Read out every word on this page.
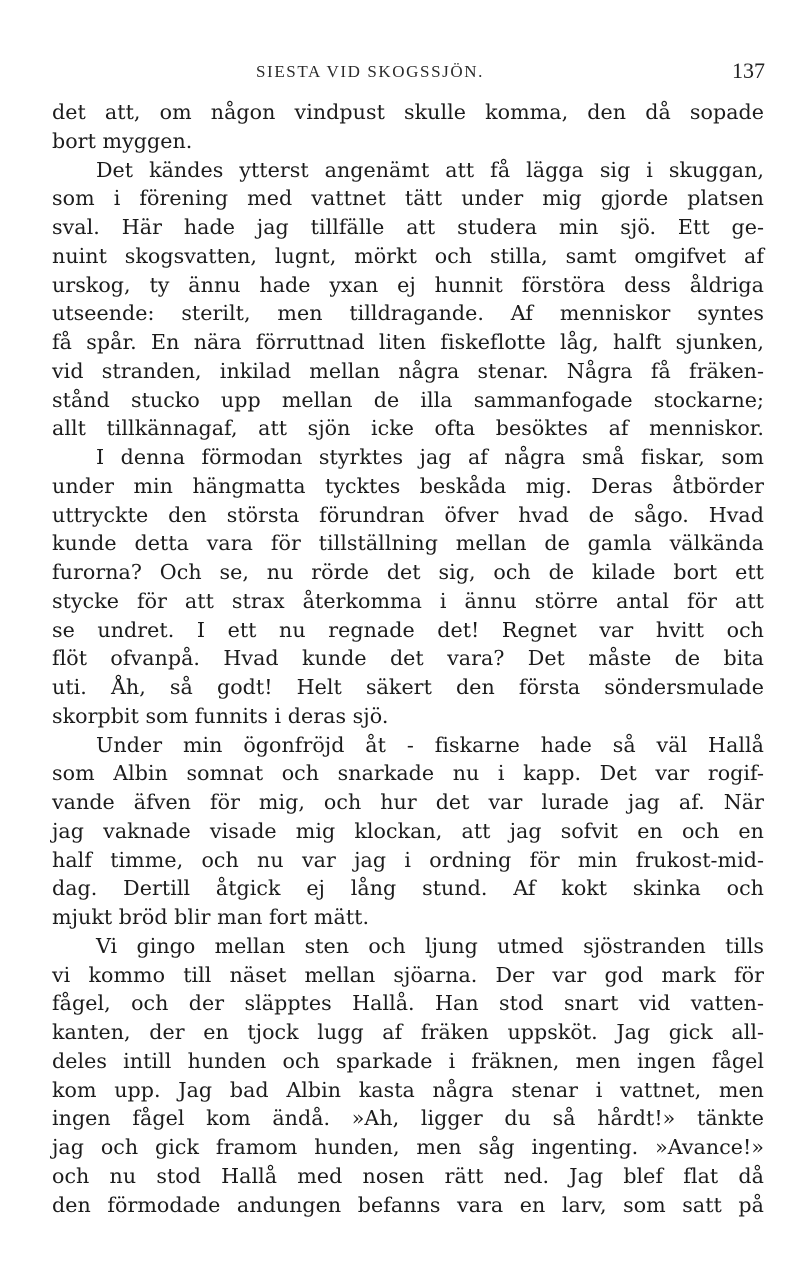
SIESTA VID SKOGSSJÖN.	137
det att, om någon vindpust skulle komma, den då sopade
bort myggen.
Det kändes ytterst angenämt att få lägga sig i skuggan,
som i förening med vattnet tätt under mig gjorde platsen
sval. Här hade jag tillfälle att studera min sjö. Ett ge-
nuint skogsvatten, lugnt, mörkt och stilla, samt omgifvet af
urskog, ty ännu hade yxan ej hunnit förstöra dess åldriga
utseende: sterilt, men tilldragande. Af menniskor syntes
få spår. En nära förruttnad liten fiskeflotte låg, halft sjunken,
vid stranden, inkilad mellan några stenar. Några få fräken-
stånd stucko upp mellan de illa sammanfogade stockarne;
allt tillkännagaf, att sjön icke ofta besöktes af menniskor.
I denna förmodan styrktes jag af några små fiskar, som
under min hängmatta tycktes beskåda mig. Deras åtbörder
uttryckte den största förundran öfver hvad de sågo. Hvad
kunde detta vara för tillställning mellan de gamla välkända
furorna? Och se, nu rörde det sig, och de kilade bort ett
stycke för att strax återkomma i ännu större antal för att
se undret. I ett nu regnade det! Regnet var hvitt och
flöt ofvanpå. Hvad kunde det vara? Det måste de bita
uti. Åh, så godt! Helt säkert den första söndersmulade
skorpbit som funnits i deras sjö.
Under min ögonfröjd åt - fiskarne hade så väl Hallå
som Albin somnat och snarkade nu i kapp. Det var rogif-
vande äfven för mig, och hur det var lurade jag af. När
jag vaknade visade mig klockan, att jag sofvit en och en
half timme, och nu var jag i ordning för min frukost-mid-
dag. Dertill åtgick ej lång stund. Af kokt skinka och
mjukt bröd blir man fort mätt.
Vi gingo mellan sten och ljung utmed sjöstranden tills
vi kommo till näset mellan sjöarna. Der var god mark för
fågel, och der släpptes Hallå. Han stod snart vid vatten-
kanten, der en tjock lugg af fräken uppsköt. Jag gick all-
deles intill hunden och sparkade i fräknen, men ingen fågel
kom upp. Jag bad Albin kasta några stenar i vattnet, men
ingen fågel kom ändå. »Ah, ligger du så hårdt!» tänkte
jag och gick framom hunden, men såg ingenting. »Avance!»
och nu stod Hallå med nosen rätt ned. Jag blef flat då
den förmodade andungen befanns vara en larv, som satt på
